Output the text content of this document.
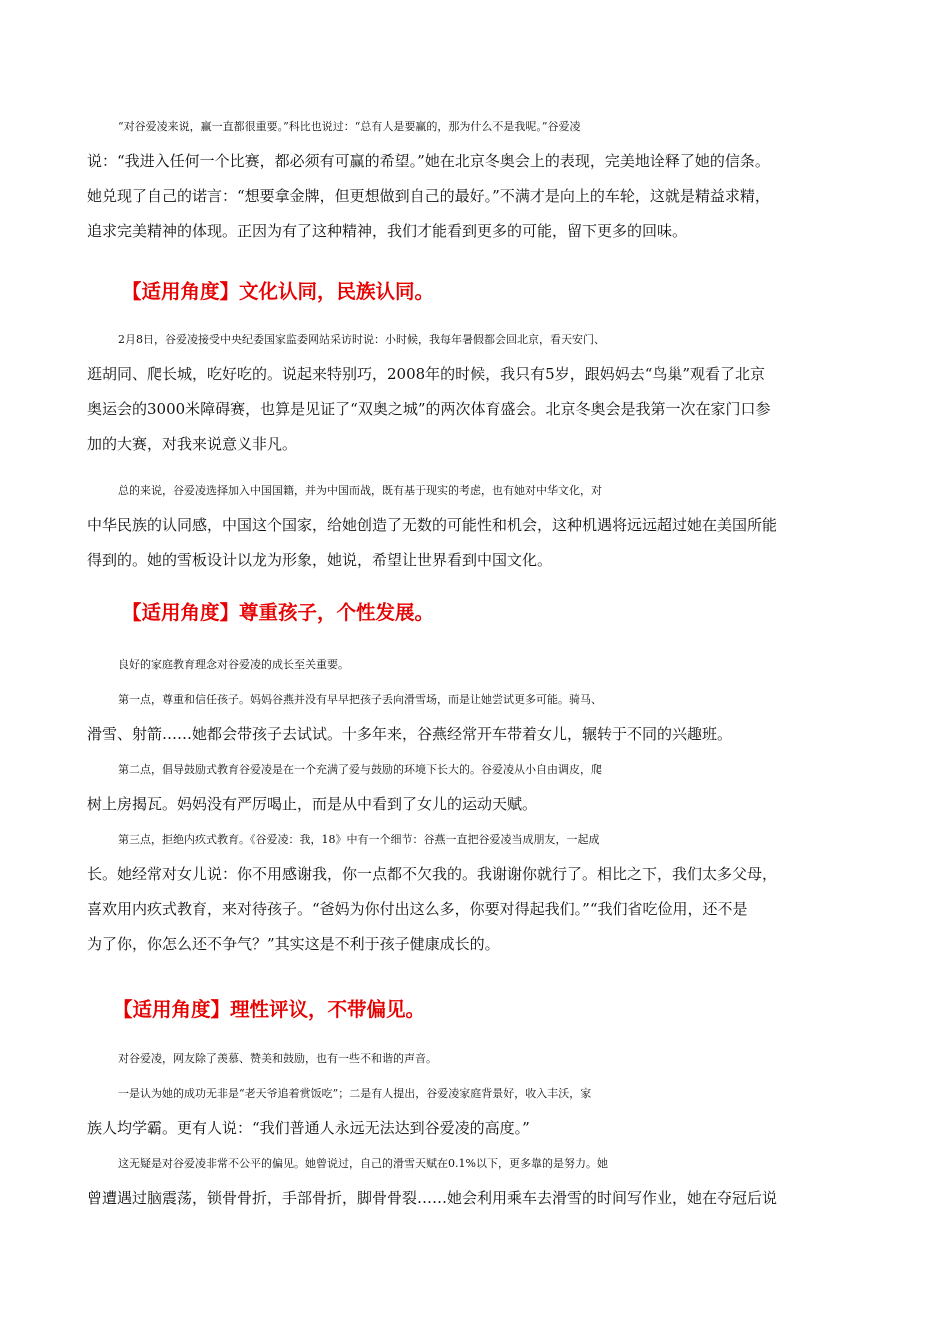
“对谷爱凌来说，赢一直都很重要。”科比也说过：“总有人是要赢的，那为什么不是我呢。”谷爱凌
说：“我进入任何一个比赛，都必须有可赢的希望。”她在北京冬奥会上的表现，完美地诠释了她的信条。
她兑现了自己的诺言：“想要拿金牌，但更想做到自己的最好。”不满才是向上的车轮，这就是精益求精，
追求完美精神的体现。正因为有了这种精神，我们才能看到更多的可能，留下更多的回味。
【适用角度】文化认同，民族认同。
2月8日，谷爱凌接受中央纪委国家监委网站采访时说：小时候，我每年暑假都会回北京，看天安门、
逛胡同、爬长城，吃好吃的。说起来特别巧，2008年的时候，我只有5岁，跟妈妈去“鸟巢”观看了北京
奥运会的3000米障碍赛，也算是见证了“双奥之城”的两次体育盛会。北京冬奥会是我第一次在家门口参
加的大赛，对我来说意义非凡。
总的来说，谷爱凌选择加入中国国籍，并为中国而战，既有基于现实的考虑，也有她对中华文化，对
中华民族的认同感，中国这个国家，给她创造了无数的可能性和机会，这种机遇将远远超过她在美国所能
得到的。她的雪板设计以龙为形象，她说，希望让世界看到中国文化。
【适用角度】尊重孩子，个性发展。
良好的家庭教育理念对谷爱凌的成长至关重要。
第一点，尊重和信任孩子。妈妈谷燕并没有早早把孩子丢向滑雪场，而是让她尝试更多可能。骑马、
滑雪、射箭……她都会带孩子去试试。十多年来，谷燕经常开车带着女儿，辗转于不同的兴趣班。
第二点，倡导鼓励式教育谷爱凌是在一个充满了爱与鼓励的环境下长大的。谷爱凌从小自由调皮，爬
树上房揭瓦。妈妈没有严厉喝止，而是从中看到了女儿的运动天赋。
第三点，拒绝内疚式教育。《谷爱凌：我，18》中有一个细节：谷燕一直把谷爱凌当成朋友，一起成
长。她经常对女儿说：你不用感谢我，你一点都不欠我的。我谢谢你就行了。相比之下，我们太多父母，
喜欢用内疚式教育，来对待孩子。“爸妈为你付出这么多，你要对得起我们。”“我们省吃俭用，还不是
为了你，你怎么还不争气？”其实这是不利于孩子健康成长的。
【适用角度】理性评议，不带偏见。
对谷爱凌，网友除了羡慕、赞美和鼓励，也有一些不和谐的声音。
一是认为她的成功无非是“老天爷追着赏饭吃”；二是有人提出，谷爱凌家庭背景好，收入丰沃，家
族人均学霸。更有人说：“我们普通人永远无法达到谷爱凌的高度。”
这无疑是对谷爱凌非常不公平的偏见。她曾说过，自己的滑雪天赋在0.1%以下，更多靠的是努力。她
曾遭遇过脑震荡，锁骨骨折，手部骨折，脚骨骨裂……她会利用乘车去滑雪的时间写作业，她在夺冠后说
